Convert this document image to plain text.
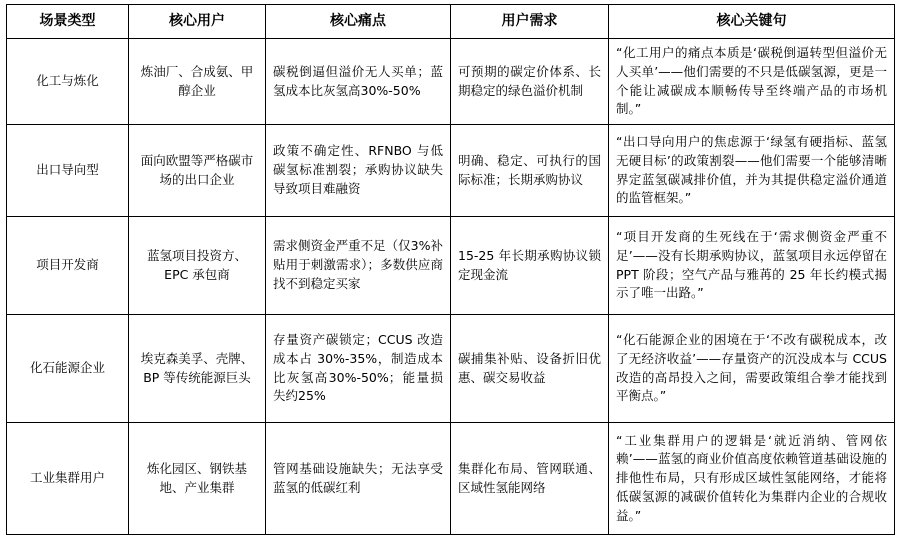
场景类型	核心用户	核心痛点	用户需求	核心关键句
化工与炼化	炼油厂、合成氨、甲醇企业	碳税倒逼但溢价无人买单；蓝氢成本比灰氢高30%-50%	可预期的碳定价体系、长期稳定的绿色溢价机制	“化工用户的痛点本质是‘碳税倒逼转型但溢价无人买单’——他们需要的不只是低碳氢源，更是一个能让减碳成本顺畅传导至终端产品的市场机制。”
出口导向型	面向欧盟等严格碳市场的出口企业	政策不确定性、RFNBO 与低碳氢标准割裂；承购协议缺失导致项目难融资	明确、稳定、可执行的国际标准；长期承购协议	“出口导向用户的焦虑源于‘绿氢有硬指标、蓝氢无硬目标’的政策割裂——他们需要一个能够清晰界定蓝氢碳减排价值，并为其提供稳定溢价通道的监管框架。”
项目开发商	蓝氢项目投资方、EPC 承包商	需求侧资金严重不足（仅3%补贴用于刺激需求）；多数供应商找不到稳定买家	15-25 年长期承购协议锁定现金流	“项目开发商的生死线在于‘需求侧资金严重不足’——没有长期承购协议，蓝氢项目永远停留在 PPT 阶段；空气产品与雅苒的 25 年长约模式揭示了唯一出路。”
化石能源企业	埃克森美孚、壳牌、BP 等传统能源巨头	存量资产碳锁定；CCUS 改造成本占 30%-35%，制造成本比灰氢高30%-50%；能量损失约25%	碳捕集补贴、设备折旧优惠、碳交易收益	“化石能源企业的困境在于‘不改有碳税成本，改了无经济收益’——存量资产的沉没成本与 CCUS 改造的高昂投入之间，需要政策组合拳才能找到平衡点。”
工业集群用户	炼化园区、钢铁基地、产业集群	管网基础设施缺失；无法享受蓝氢的低碳红利	集群化布局、管网联通、区域性氢能网络	“工业集群用户的逻辑是‘就近消纳、管网依赖’——蓝氢的商业价值高度依赖管道基础设施的排他性布局，只有形成区域性氢能网络，才能将低碳氢源的减碳价值转化为集群内企业的合规收益。”
